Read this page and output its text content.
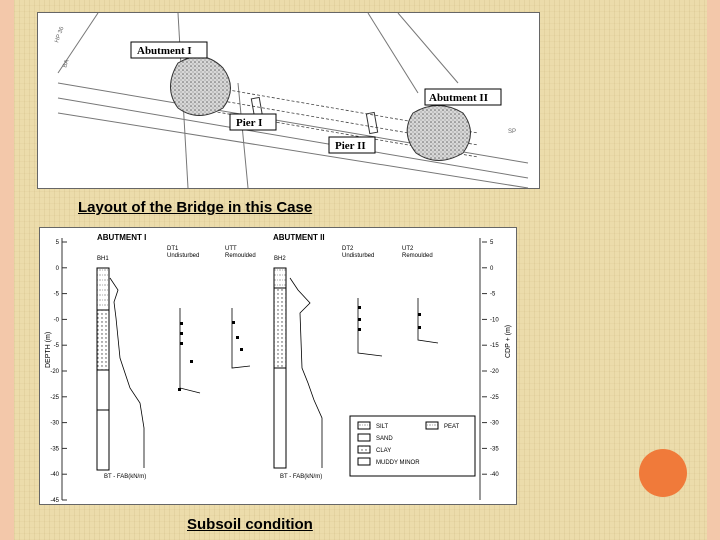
HP 36
BA
SP
Abutment I
Abutment II
Pier I
Pier II
Layout of the Bridge in this Case
5
0
-5
-0
-5
-20
-25
-30
-35
-40
-45
5
0
-5
-10
-15
-20
-25
-30
-35
-40
DEPTH (m)	CDP + (m)
ABUTMENT I	ABUTMENT II
BH1
DT1
Undisturbed
UTT
Remoulded	BH2
DT2
Undisturbed
UT2
Remoulded
BT - FAB(kN/m)	BT - FAB(kN/m)
SILT	PEAT
SAND
CLAY
MUDDY MINOR
Subsoil condition
